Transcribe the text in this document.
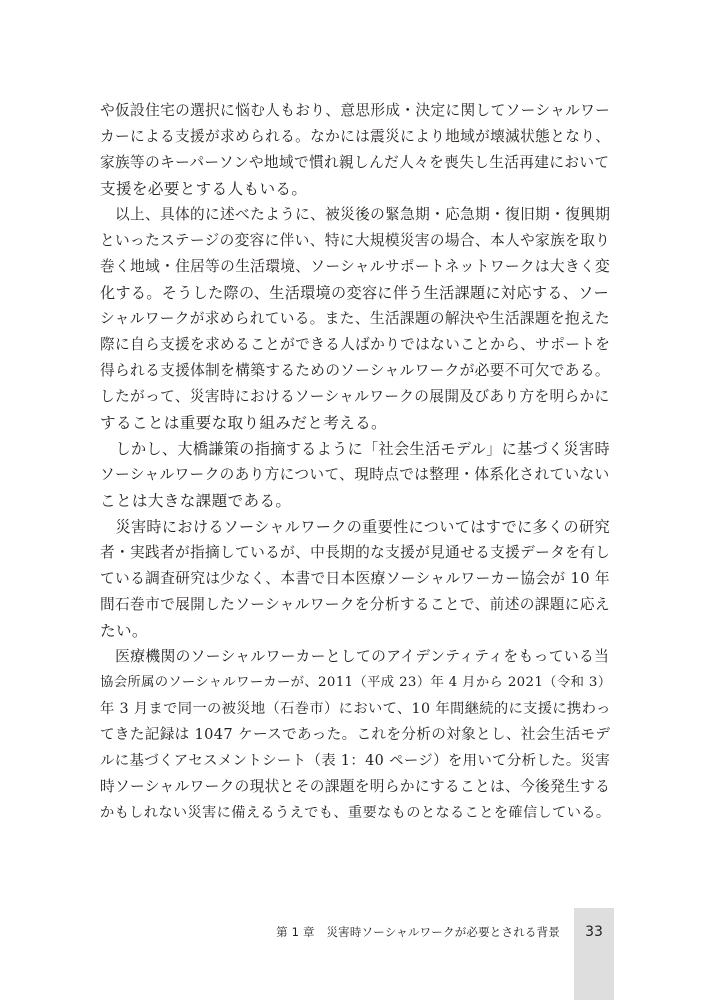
や仮設住宅の選択に悩む人もおり、意思形成・決定に関してソーシャルワー
カーによる支援が求められる。なかには震災により地域が壊滅状態となり、
家族等のキーパーソンや地域で慣れ親しんだ人々を喪失し生活再建において
支援を必要とする人もいる。
　以上、具体的に述べたように、被災後の緊急期・応急期・復旧期・復興期
といったステージの変容に伴い、特に大規模災害の場合、本人や家族を取り
巻く地域・住居等の生活環境、ソーシャルサポートネットワークは大きく変
化する。そうした際の、生活環境の変容に伴う生活課題に対応する、ソー
シャルワークが求められている。また、生活課題の解決や生活課題を抱えた
際に自ら支援を求めることができる人ばかりではないことから、サポートを
得られる支援体制を構築するためのソーシャルワークが必要不可欠である。
したがって、災害時におけるソーシャルワークの展開及びあり方を明らかに
することは重要な取り組みだと考える。
　しかし、大橋謙策の指摘するように「社会生活モデル」に基づく災害時
ソーシャルワークのあり方について、現時点では整理・体系化されていない
ことは大きな課題である。
　災害時におけるソーシャルワークの重要性についてはすでに多くの研究
者・実践者が指摘しているが、中長期的な支援が見通せる支援データを有し
ている調査研究は少なく、本書で日本医療ソーシャルワーカー協会が 10 年
間石巻市で展開したソーシャルワークを分析することで、前述の課題に応え
たい。
　医療機関のソーシャルワーカーとしてのアイデンティティをもっている当
協会所属のソーシャルワーカーが、2011（平成 23）年 4 月から 2021（令和 3）
年 3 月まで同一の被災地（石巻市）において、10 年間継続的に支援に携わっ
てきた記録は 1047 ケースであった。これを分析の対象とし、社会生活モデ
ルに基づくアセスメントシート（表 1：40 ページ）を用いて分析した。災害
時ソーシャルワークの現状とその課題を明らかにすることは、今後発生する
かもしれない災害に備えるうえでも、重要なものとなることを確信している。
第 1 章　災害時ソーシャルワークが必要とされる背景	33
